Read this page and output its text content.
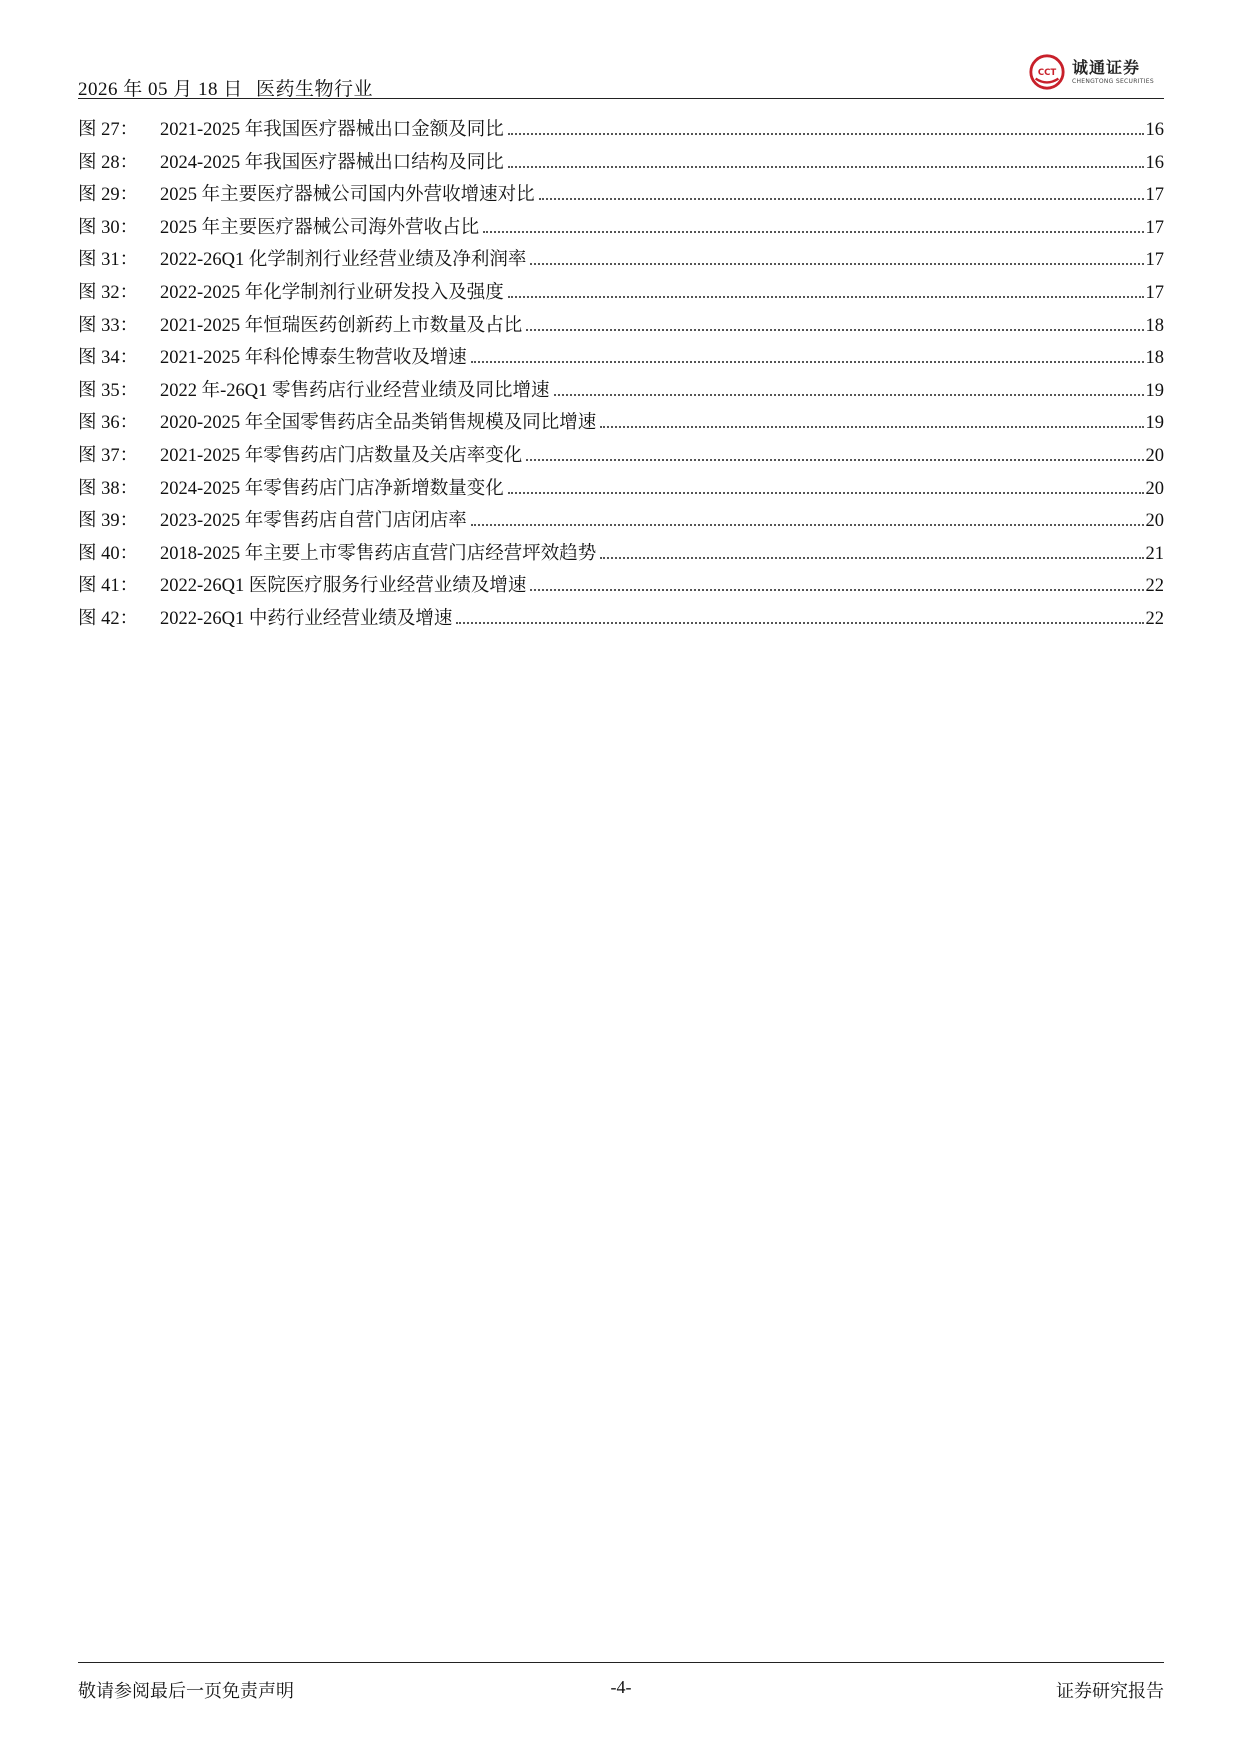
2026 年 05 月 18 日 医药生物行业
CCT 诚通证券
CHENGTONG SECURITIES
图 27：	2021-2025 年我国医疗器械出口金额及同比	16
图 28：	2024-2025 年我国医疗器械出口结构及同比	16
图 29：	2025 年主要医疗器械公司国内外营收增速对比	17
图 30：	2025 年主要医疗器械公司海外营收占比	17
图 31：	2022-26Q1 化学制剂行业经营业绩及净利润率	17
图 32：	2022-2025 年化学制剂行业研发投入及强度	17
图 33：	2021-2025 年恒瑞医药创新药上市数量及占比	18
图 34：	2021-2025 年科伦博泰生物营收及增速	18
图 35：	2022 年-26Q1 零售药店行业经营业绩及同比增速	19
图 36：	2020-2025 年全国零售药店全品类销售规模及同比增速	19
图 37：	2021-2025 年零售药店门店数量及关店率变化	20
图 38：	2024-2025 年零售药店门店净新增数量变化	20
图 39：	2023-2025 年零售药店自营门店闭店率	20
图 40：	2018-2025 年主要上市零售药店直营门店经营坪效趋势	21
图 41：	2022-26Q1 医院医疗服务行业经营业绩及增速	22
图 42：	2022-26Q1 中药行业经营业绩及增速	22
敬请参阅最后一页免责声明	-4-	证券研究报告
